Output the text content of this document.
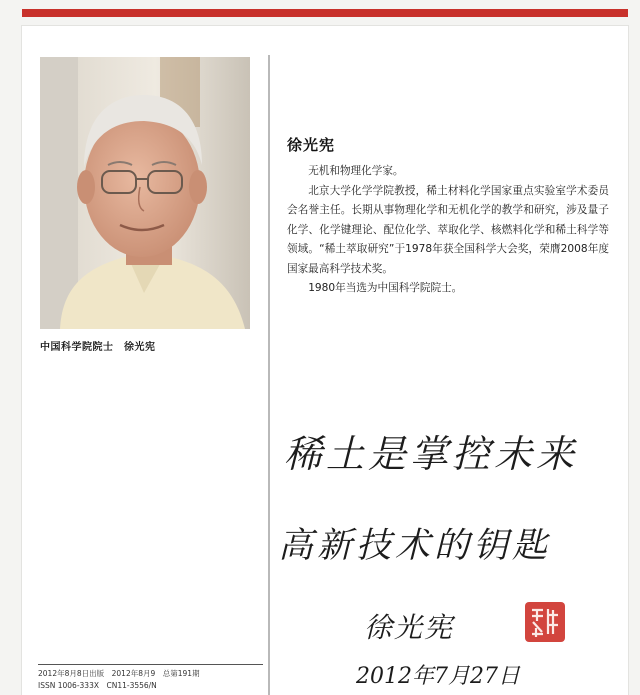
中国科学院院士　徐光宪
2012年8月8日出版　2012年8月9　总第191期
ISSN 1006-333X　CN11-3556/N
徐光宪

无机和物理化学家。

北京大学化学学院教授，稀土材料化学国家重点实验室学术委员会名誉主任。长期从事物理化学和无机化学的教学和研究，涉及量子化学、化学键理论、配位化学、萃取化学、核燃料化学和稀土科学等领域。“稀土萃取研究”于1978年获全国科学大会奖，荣膺2008年度国家最高科学技术奖。

1980年当选为中国科学院院士。

稀土是掌控未来
高新技术的钥匙
徐光宪
2012年7月27日
